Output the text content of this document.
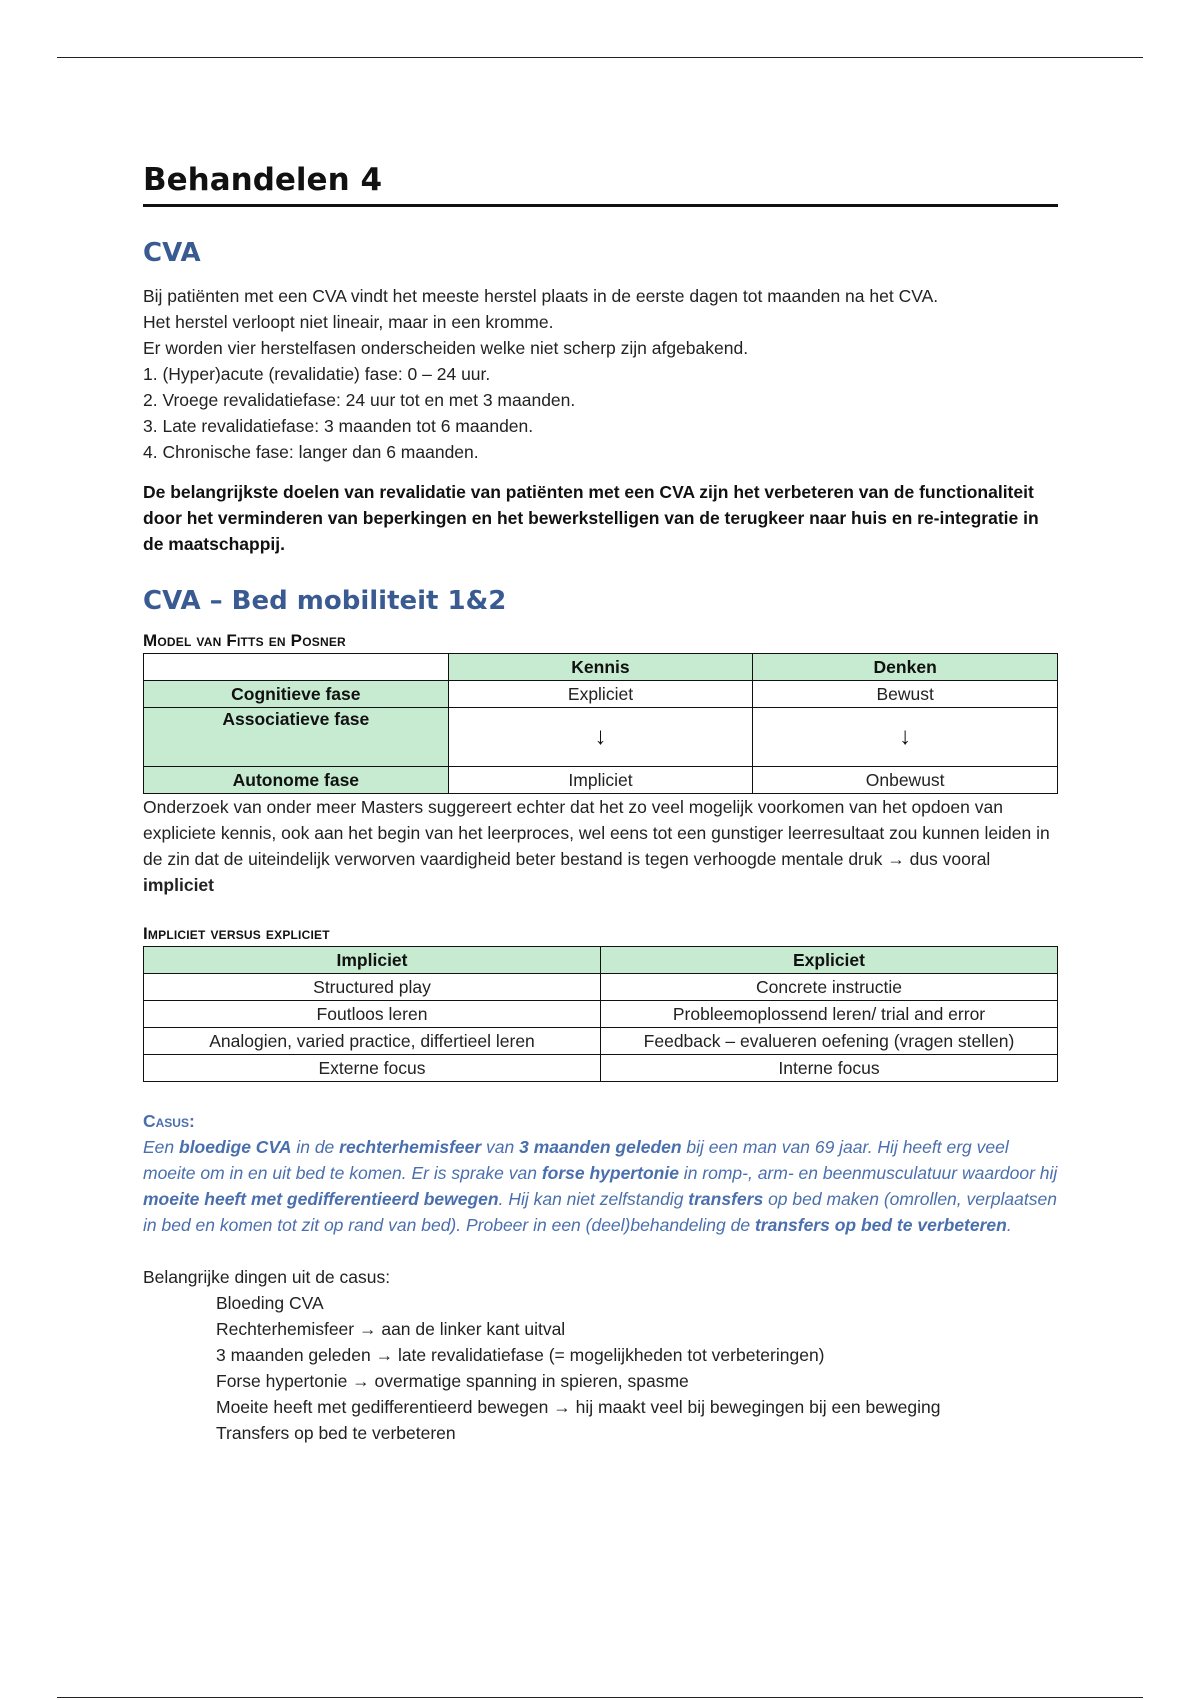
Behandelen 4
CVA

Bij patiënten met een CVA vindt het meeste herstel plaats in de eerste dagen tot maanden na het CVA.

Het herstel verloopt niet lineair, maar in een kromme.

Er worden vier herstelfasen onderscheiden welke niet scherp zijn afgebakend.

1. (Hyper)acute (revalidatie) fase: 0 – 24 uur.

2. Vroege revalidatiefase: 24 uur tot en met 3 maanden.

3. Late revalidatiefase: 3 maanden tot 6 maanden.

4. Chronische fase: langer dan 6 maanden.

De belangrijkste doelen van revalidatie van patiënten met een CVA zijn het verbeteren van de functionaliteit door het verminderen van beperkingen en het bewerkstelligen van de terugkeer naar huis en re-integratie in de maatschappij.

CVA – Bed mobiliteit 1&2
Model van Fitts en Posner
	Kennis	Denken
Cognitieve fase	Expliciet	Bewust
Associatieve fase	↓	↓
Autonome fase	Impliciet	Onbewust

Onderzoek van onder meer Masters suggereert echter dat het zo veel mogelijk voorkomen van het opdoen van expliciete kennis, ook aan het begin van het leerproces, wel eens tot een gunstiger leerresultaat zou kunnen leiden in de zin dat de uiteindelijk verworven vaardigheid beter bestand is tegen verhoogde mentale druk → dus vooral impliciet

Impliciet versus expliciet
Impliciet	Expliciet
Structured play	Concrete instructie
Foutloos leren	Probleemoplossend leren/ trial and error
Analogien, varied practice, differtieel leren	Feedback – evalueren oefening (vragen stellen)
Externe focus	Interne focus
Casus:

Een bloedige CVA in de rechterhemisfeer van 3 maanden geleden bij een man van 69 jaar. Hij heeft erg veel moeite om in en uit bed te komen. Er is sprake van forse hypertonie in romp-, arm- en beenmusculatuur waardoor hij moeite heeft met gedifferentieerd bewegen. Hij kan niet zelfstandig transfers op bed maken (omrollen, verplaatsen in bed en komen tot zit op rand van bed). Probeer in een (deel)behandeling de transfers op bed te verbeteren.

Belangrijke dingen uit de casus:

Bloeding CVA
Rechterhemisfeer → aan de linker kant uitval
3 maanden geleden → late revalidatiefase (= mogelijkheden tot verbeteringen)
Forse hypertonie → overmatige spanning in spieren, spasme
Moeite heeft met gedifferentieerd bewegen → hij maakt veel bij bewegingen bij een beweging
Transfers op bed te verbeteren
